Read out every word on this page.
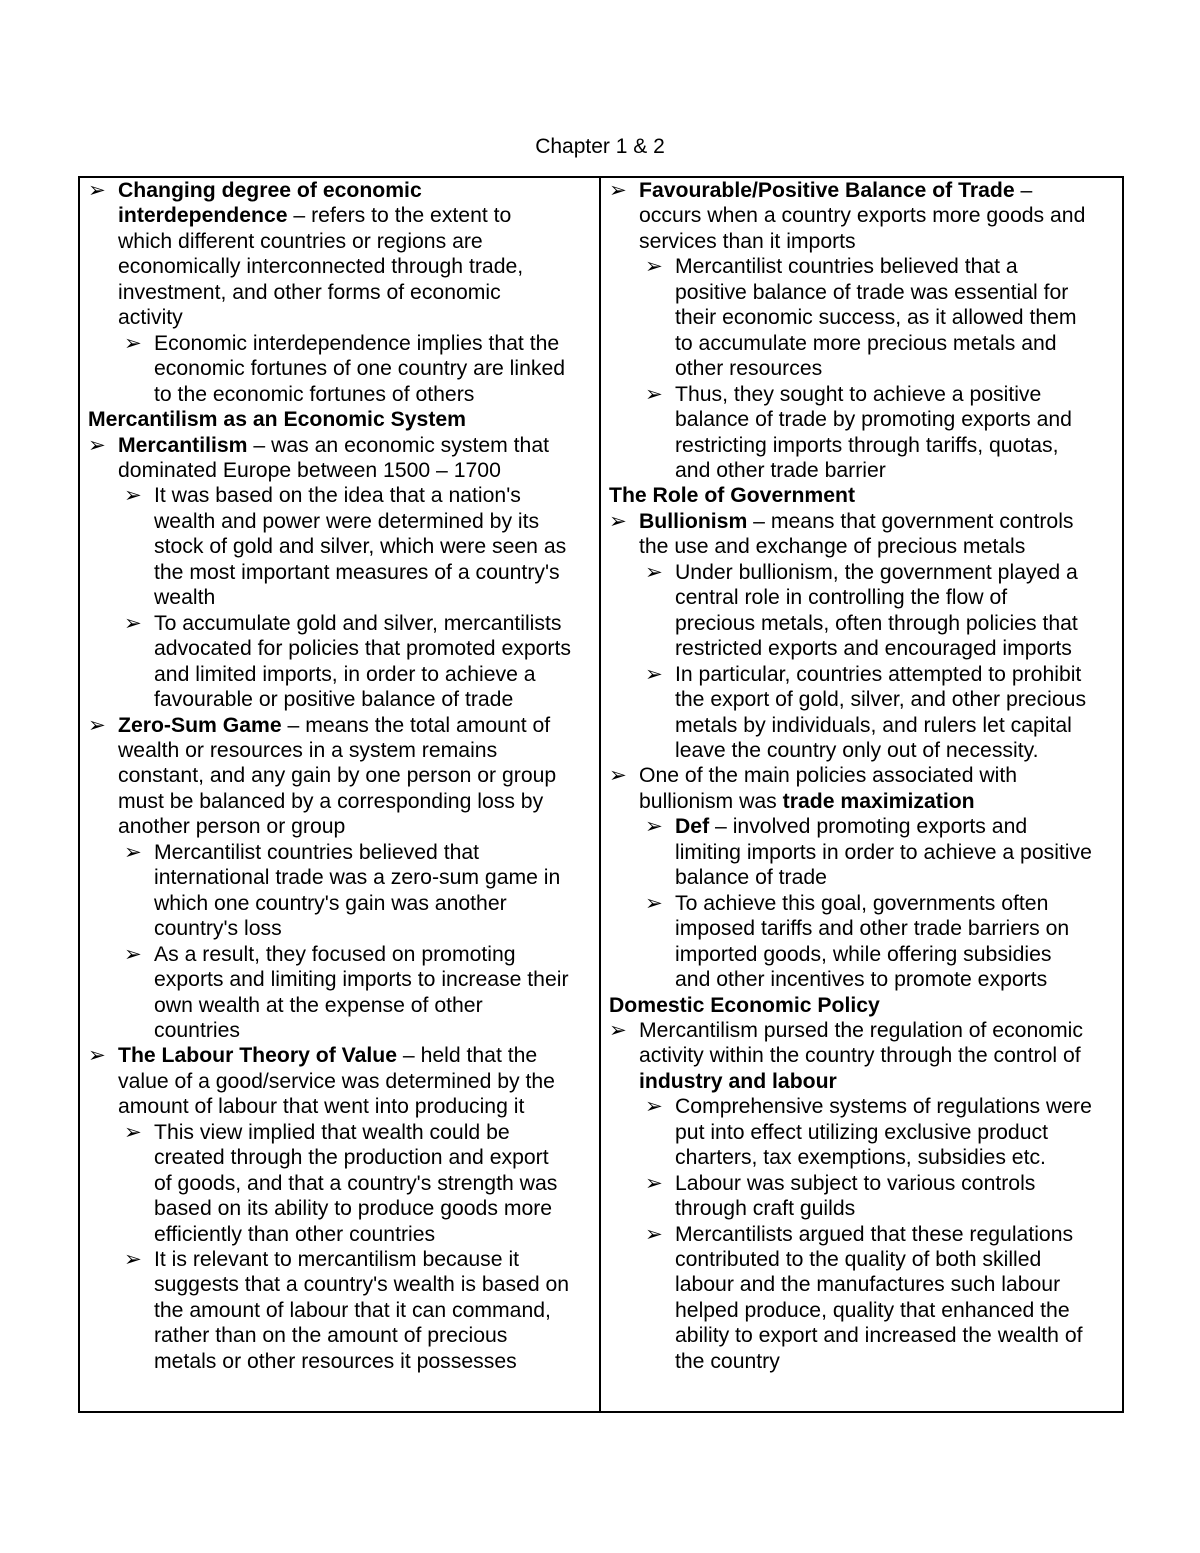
Chapter 1 & 2
➢ Changing degree of economic
interdependence – refers to the extent to
which different countries or regions are
economically interconnected through trade,
investment, and other forms of economic
activity
➢ Economic interdependence implies that the
economic fortunes of one country are linked
to the economic fortunes of others
Mercantilism as an Economic System
➢ Mercantilism – was an economic system that
dominated Europe between 1500 – 1700
➢ It was based on the idea that a nation's
wealth and power were determined by its
stock of gold and silver, which were seen as
the most important measures of a country's
wealth
➢ To accumulate gold and silver, mercantilists
advocated for policies that promoted exports
and limited imports, in order to achieve a
favourable or positive balance of trade
➢ Zero-Sum Game – means the total amount of
wealth or resources in a system remains
constant, and any gain by one person or group
must be balanced by a corresponding loss by
another person or group
➢ Mercantilist countries believed that
international trade was a zero-sum game in
which one country's gain was another
country's loss
➢ As a result, they focused on promoting
exports and limiting imports to increase their
own wealth at the expense of other
countries
➢ The Labour Theory of Value – held that the
value of a good/service was determined by the
amount of labour that went into producing it
➢ This view implied that wealth could be
created through the production and export
of goods, and that a country's strength was
based on its ability to produce goods more
efficiently than other countries
➢ It is relevant to mercantilism because it
suggests that a country's wealth is based on
the amount of labour that it can command,
rather than on the amount of precious
metals or other resources it possesses
➢ Favourable/Positive Balance of Trade –
occurs when a country exports more goods and
services than it imports
➢ Mercantilist countries believed that a
positive balance of trade was essential for
their economic success, as it allowed them
to accumulate more precious metals and
other resources
➢ Thus, they sought to achieve a positive
balance of trade by promoting exports and
restricting imports through tariffs, quotas,
and other trade barrier
The Role of Government
➢ Bullionism – means that government controls
the use and exchange of precious metals
➢ Under bullionism, the government played a
central role in controlling the flow of
precious metals, often through policies that
restricted exports and encouraged imports
➢ In particular, countries attempted to prohibit
the export of gold, silver, and other precious
metals by individuals, and rulers let capital
leave the country only out of necessity.
➢ One of the main policies associated with
bullionism was trade maximization
➢ Def – involved promoting exports and
limiting imports in order to achieve a positive
balance of trade
➢ To achieve this goal, governments often
imposed tariffs and other trade barriers on
imported goods, while offering subsidies
and other incentives to promote exports
Domestic Economic Policy
➢ Mercantilism pursed the regulation of economic
activity within the country through the control of
industry and labour
➢ Comprehensive systems of regulations were
put into effect utilizing exclusive product
charters, tax exemptions, subsidies etc.
➢ Labour was subject to various controls
through craft guilds
➢ Mercantilists argued that these regulations
contributed to the quality of both skilled
labour and the manufactures such labour
helped produce, quality that enhanced the
ability to export and increased the wealth of
the country
